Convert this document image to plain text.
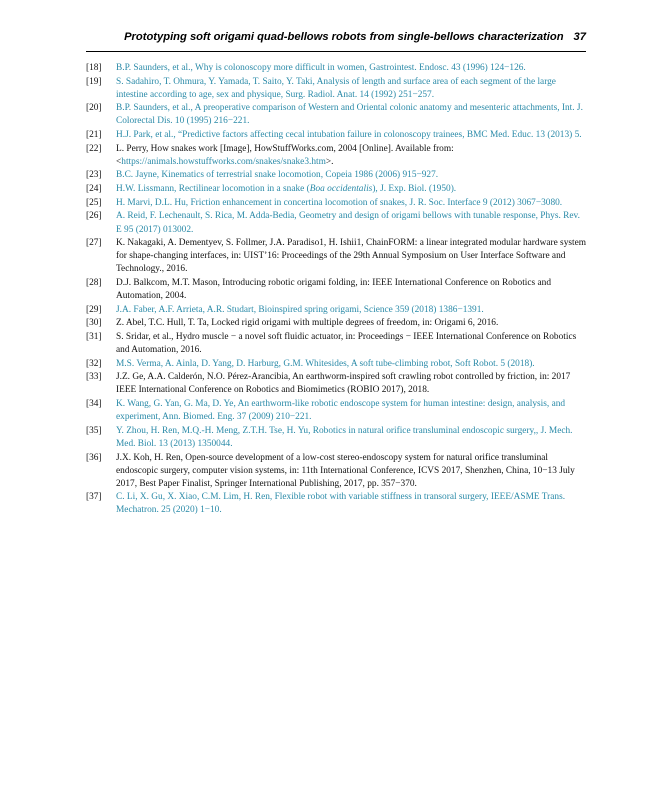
Prototyping soft origami quad-bellows robots from single-bellows characterization 37
[18] B.P. Saunders, et al., Why is colonoscopy more difficult in women, Gastrointest. Endosc. 43 (1996) 124−126.
[19] S. Sadahiro, T. Ohmura, Y. Yamada, T. Saito, Y. Taki, Analysis of length and surface area of each segment of the large intestine according to age, sex and physique, Surg. Radiol. Anat. 14 (1992) 251−257.
[20] B.P. Saunders, et al., A preoperative comparison of Western and Oriental colonic anatomy and mesenteric attachments, Int. J. Colorectal Dis. 10 (1995) 216−221.
[21] H.J. Park, et al., “Predictive factors affecting cecal intubation failure in colonoscopy trainees, BMC Med. Educ. 13 (2013) 5.
[22] L. Perry, How snakes work [Image], HowStuffWorks.com, 2004 [Online]. Available from: <https://animals.howstuffworks.com/snakes/snake3.htm>.
[23] B.C. Jayne, Kinematics of terrestrial snake locomotion, Copeia 1986 (2006) 915−927.
[24] H.W. Lissmann, Rectilinear locomotion in a snake (Boa occidentalis), J. Exp. Biol. (1950).
[25] H. Marvi, D.L. Hu, Friction enhancement in concertina locomotion of snakes, J. R. Soc. Interface 9 (2012) 3067−3080.
[26] A. Reid, F. Lechenault, S. Rica, M. Adda-Bedia, Geometry and design of origami bellows with tunable response, Phys. Rev. E 95 (2017) 013002.
[27] K. Nakagaki, A. Dementyev, S. Follmer, J.A. Paradiso1, H. Ishii1, ChainFORM: a linear integrated modular hardware system for shape-changing interfaces, in: UIST’16: Proceedings of the 29th Annual Symposium on User Interface Software and Technology., 2016.
[28] D.J. Balkcom, M.T. Mason, Introducing robotic origami folding, in: IEEE International Conference on Robotics and Automation, 2004.
[29] J.A. Faber, A.F. Arrieta, A.R. Studart, Bioinspired spring origami, Science 359 (2018) 1386−1391.
[30] Z. Abel, T.C. Hull, T. Ta, Locked rigid origami with multiple degrees of freedom, in: Origami 6, 2016.
[31] S. Sridar, et al., Hydro muscle − a novel soft fluidic actuator, in: Proceedings − IEEE International Conference on Robotics and Automation, 2016.
[32] M.S. Verma, A. Ainla, D. Yang, D. Harburg, G.M. Whitesides, A soft tube-climbing robot, Soft Robot. 5 (2018).
[33] J.Z. Ge, A.A. Calderón, N.O. Pérez-Arancibia, An earthworm-inspired soft crawling robot controlled by friction, in: 2017 IEEE International Conference on Robotics and Biomimetics (ROBIO 2017), 2018.
[34] K. Wang, G. Yan, G. Ma, D. Ye, An earthworm-like robotic endoscope system for human intestine: design, analysis, and experiment, Ann. Biomed. Eng. 37 (2009) 210−221.
[35] Y. Zhou, H. Ren, M.Q.-H. Meng, Z.T.H. Tse, H. Yu, Robotics in natural orifice transluminal endoscopic surgery,, J. Mech. Med. Biol. 13 (2013) 1350044.
[36] J.X. Koh, H. Ren, Open-source development of a low-cost stereo-endoscopy system for natural orifice transluminal endoscopic surgery, computer vision systems, in: 11th International Conference, ICVS 2017, Shenzhen, China, 10−13 July 2017, Best Paper Finalist, Springer International Publishing, 2017, pp. 357−370.
[37] C. Li, X. Gu, X. Xiao, C.M. Lim, H. Ren, Flexible robot with variable stiffness in transoral surgery, IEEE/ASME Trans. Mechatron. 25 (2020) 1−10.
